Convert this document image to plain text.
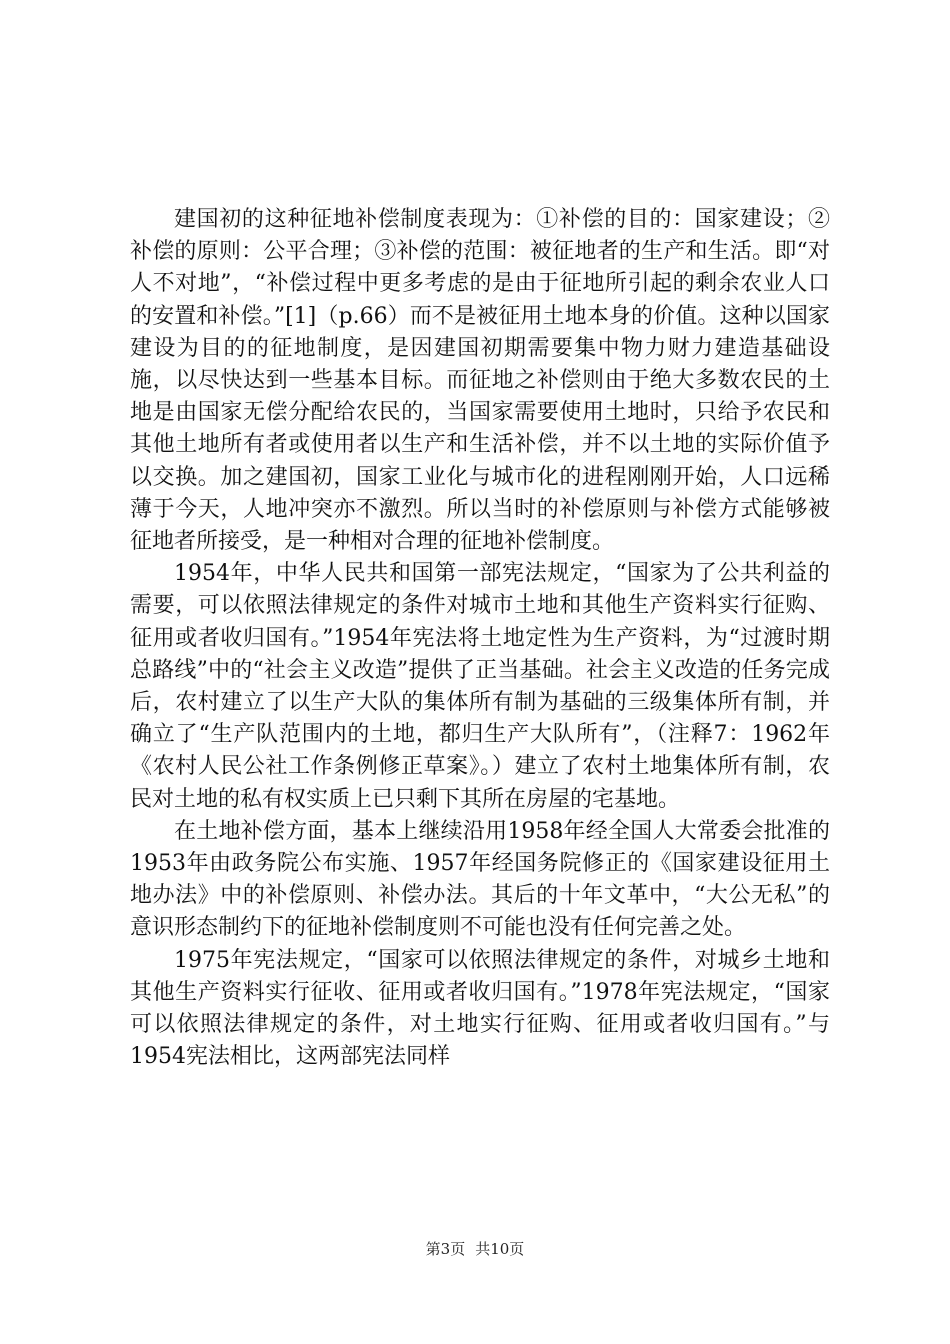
建国初的这种征地补偿制度表现为：①补偿的目的：国家建设；②补偿的原则：公平合理；③补偿的范围：被征地者的生产和生活。即“对人不对地”，“补偿过程中更多考虑的是由于征地所引起的剩余农业人口的安置和补偿。”[1]（p.66）而不是被征用土地本身的价值。这种以国家建设为目的的征地制度，是因建国初期需要集中物力财力建造基础设施，以尽快达到一些基本目标。而征地之补偿则由于绝大多数农民的土地是由国家无偿分配给农民的，当国家需要使用土地时，只给予农民和其他土地所有者或使用者以生产和生活补偿，并不以土地的实际价值予以交换。加之建国初，国家工业化与城市化的进程刚刚开始，人口远稀薄于今天，人地冲突亦不激烈。所以当时的补偿原则与补偿方式能够被征地者所接受，是一种相对合理的征地补偿制度。

1954年，中华人民共和国第一部宪法规定，“国家为了公共利益的需要，可以依照法律规定的条件对城市土地和其他生产资料实行征购、征用或者收归国有。”1954年宪法将土地定性为生产资料，为“过渡时期总路线”中的“社会主义改造”提供了正当基础。社会主义改造的任务完成后，农村建立了以生产大队的集体所有制为基础的三级集体所有制，并确立了“生产队范围内的土地，都归生产大队所有”，（注释7：1962年《农村人民公社工作条例修正草案》。）建立了农村土地集体所有制，农民对土地的私有权实质上已只剩下其所在房屋的宅基地。

在土地补偿方面，基本上继续沿用1958年经全国人大常委会批准的1953年由政务院公布实施、1957年经国务院修正的《国家建设征用土地办法》中的补偿原则、补偿办法。其后的十年文革中，“大公无私”的意识形态制约下的征地补偿制度则不可能也没有任何完善之处。

1975年宪法规定，“国家可以依照法律规定的条件，对城乡土地和其他生产资料实行征收、征用或者收归国有。”1978年宪法规定，“国家可以依照法律规定的条件，对土地实行征购、征用或者收归国有。”与1954宪法相比，这两部宪法同样

第3页 共10页
